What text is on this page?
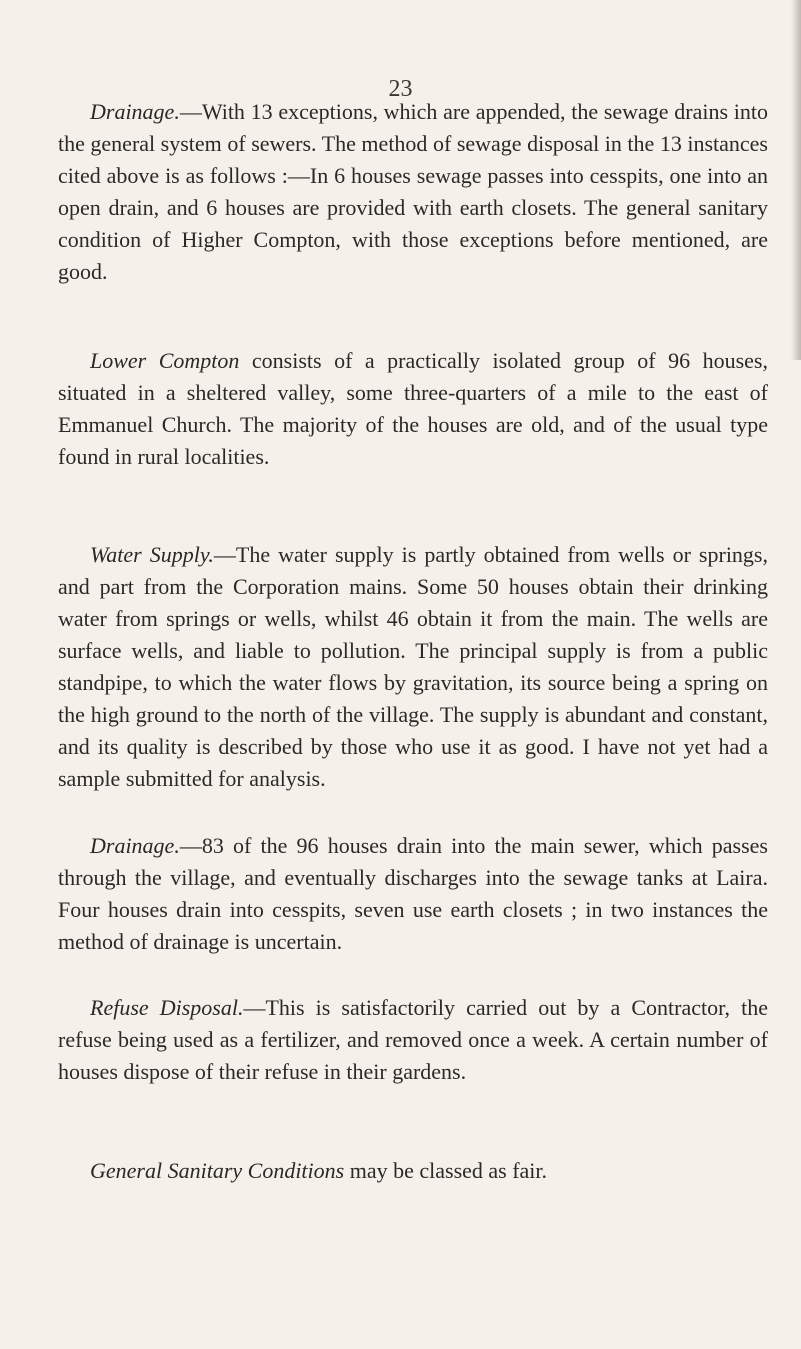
23

Drainage.—With 13 exceptions, which are appended, the sewage drains into the general system of sewers. The method of sewage disposal in the 13 instances cited above is as follows :—In 6 houses sewage passes into cesspits, one into an open drain, and 6 houses are provided with earth closets. The general sanitary condition of Higher Compton, with those exceptions before mentioned, are good.

Lower Compton consists of a practically isolated group of 96 houses, situated in a sheltered valley, some three-quarters of a mile to the east of Emmanuel Church. The majority of the houses are old, and of the usual type found in rural localities.

Water Supply.—The water supply is partly obtained from wells or springs, and part from the Corporation mains. Some 50 houses obtain their drinking water from springs or wells, whilst 46 obtain it from the main. The wells are surface wells, and liable to pollution. The principal supply is from a public standpipe, to which the water flows by gravitation, its source being a spring on the high ground to the north of the village. The supply is abundant and constant, and its quality is described by those who use it as good. I have not yet had a sample submitted for analysis.

Drainage.—83 of the 96 houses drain into the main sewer, which passes through the village, and eventually discharges into the sewage tanks at Laira. Four houses drain into cesspits, seven use earth closets ; in two instances the method of drainage is uncertain.

Refuse Disposal.—This is satisfactorily carried out by a Contractor, the refuse being used as a fertilizer, and removed once a week. A certain number of houses dispose of their refuse in their gardens.

General Sanitary Conditions may be classed as fair.
